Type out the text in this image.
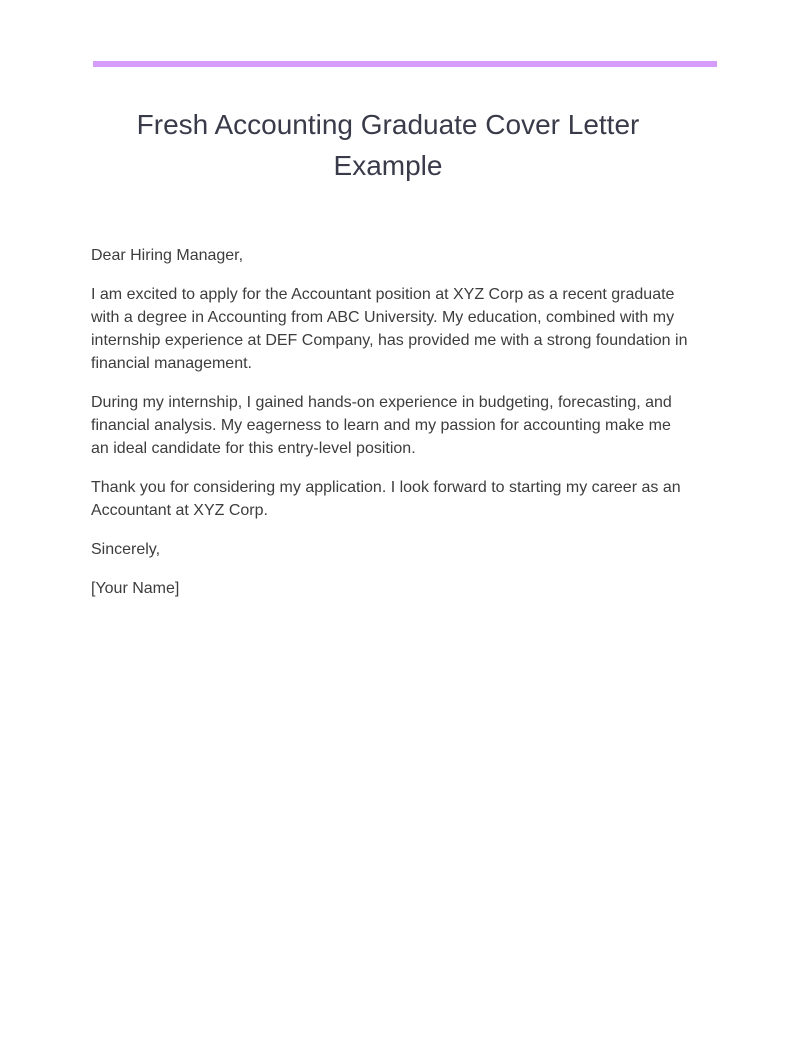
Fresh Accounting Graduate Cover Letter Example

Dear Hiring Manager,

I am excited to apply for the Accountant position at XYZ Corp as a recent graduate with a degree in Accounting from ABC University. My education, combined with my internship experience at DEF Company, has provided me with a strong foundation in financial management.

During my internship, I gained hands-on experience in budgeting, forecasting, and financial analysis. My eagerness to learn and my passion for accounting make me an ideal candidate for this entry-level position.

Thank you for considering my application. I look forward to starting my career as an Accountant at XYZ Corp.

Sincerely,

[Your Name]
